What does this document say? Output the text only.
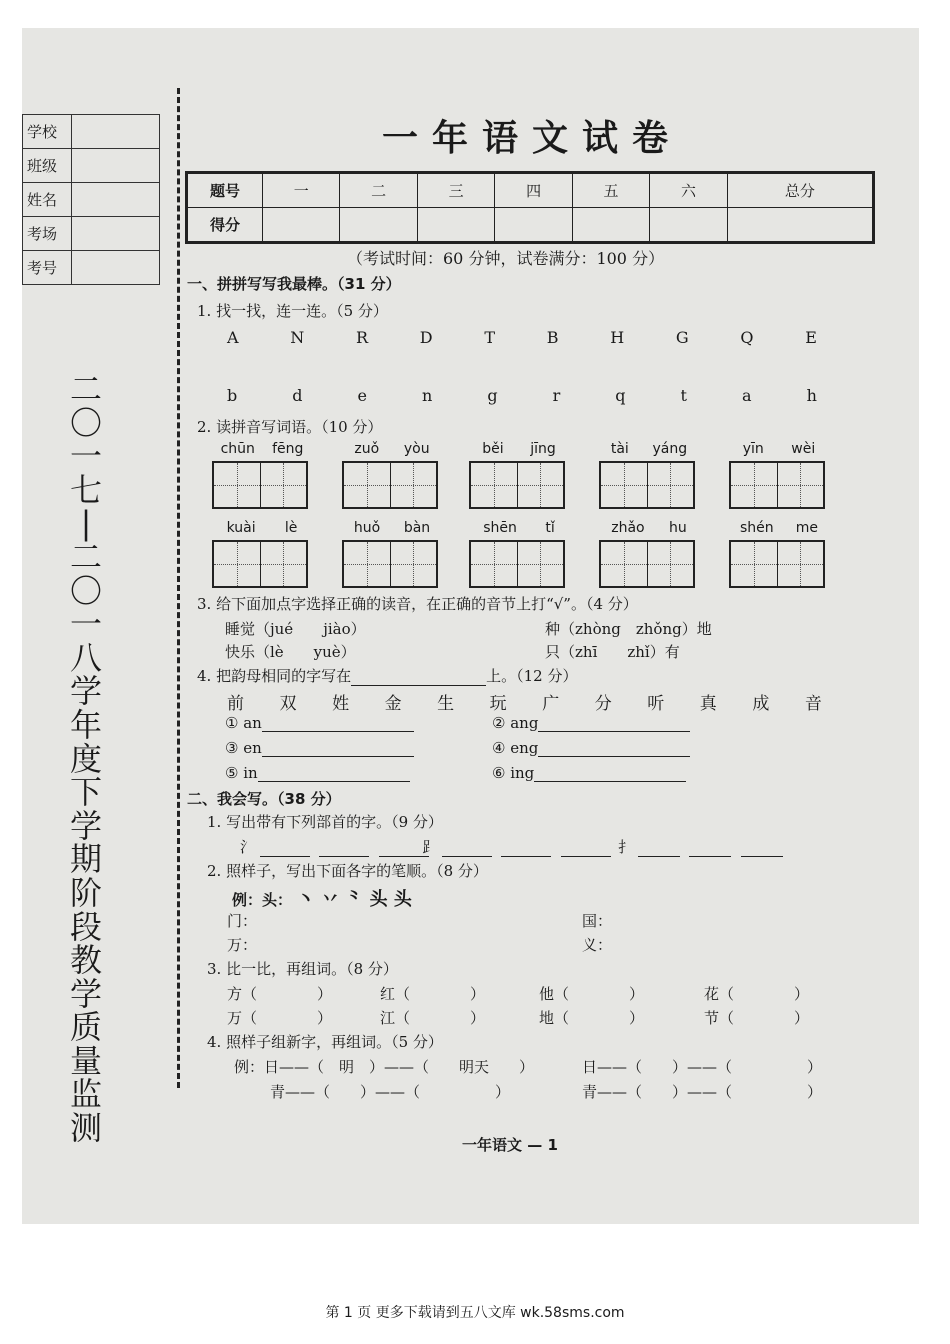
学校	
班级	
姓名	
考场	
考号	
二
〇
一
七
|
二
〇
一
八
学
年
度
下
学
期
阶
段
教
学
质
量
监
测
一年语文试卷
题号	一	二	三	四	五	六	总分
得分							
（考试时间：60 分钟，试卷满分：100 分）
一、拼拼写写我最棒。（31 分）
1. 找一找，连一连。（5 分）
A	N	R	D	T	B	H	G	Q	E
b	d	e	n	g	r	q	t	a	h
2. 读拼音写词语。（10 分）
chūn fēng	zuǒ yòu	běi jīng	tài yáng	yīn wèi
kuài lè	huǒ bàn	shēn tǐ	zhǎo hu	shén me
3. 给下面加点字选择正确的读音，在正确的音节上打“√”。（4 分）
睡觉（jué　　jiào）	种（zhòng　zhǒng）地
快乐（lè　　yuè）	只（zhī　　zhǐ）有
4. 把韵母相同的字写在	上。（12 分）
前 双 姓 金 生 玩 广 分 听 真 成 音
① an	② ang
③ en	④ eng
⑤ in	⑥ ing
二、我会写。（38 分）
1. 写出带有下列部首的字。（9 分）
氵	⻊	扌
2. 照样子，写出下面各字的笔顺。（8 分）
例：头： 丶 丷 ⺀ 头 头
门：	国：
万：	义：
3. 比一比，再组词。（8 分）
方（　　　　）	红（　　　　）	他（　　　　）	花（　　　　）
万（　　　　）	江（　　　　）	地（　　　　）	节（　　　　）
4. 照样子组新字，再组词。（5 分）
例：日——（　明　）——（　　明天　　）	日——（　　）——（　　　　　）
青——（　　）——（　　　　　）	青——（　　）——（　　　　　）
一年语文 — 1
第 1 页 更多下载请到五八文库 wk.58sms.com
